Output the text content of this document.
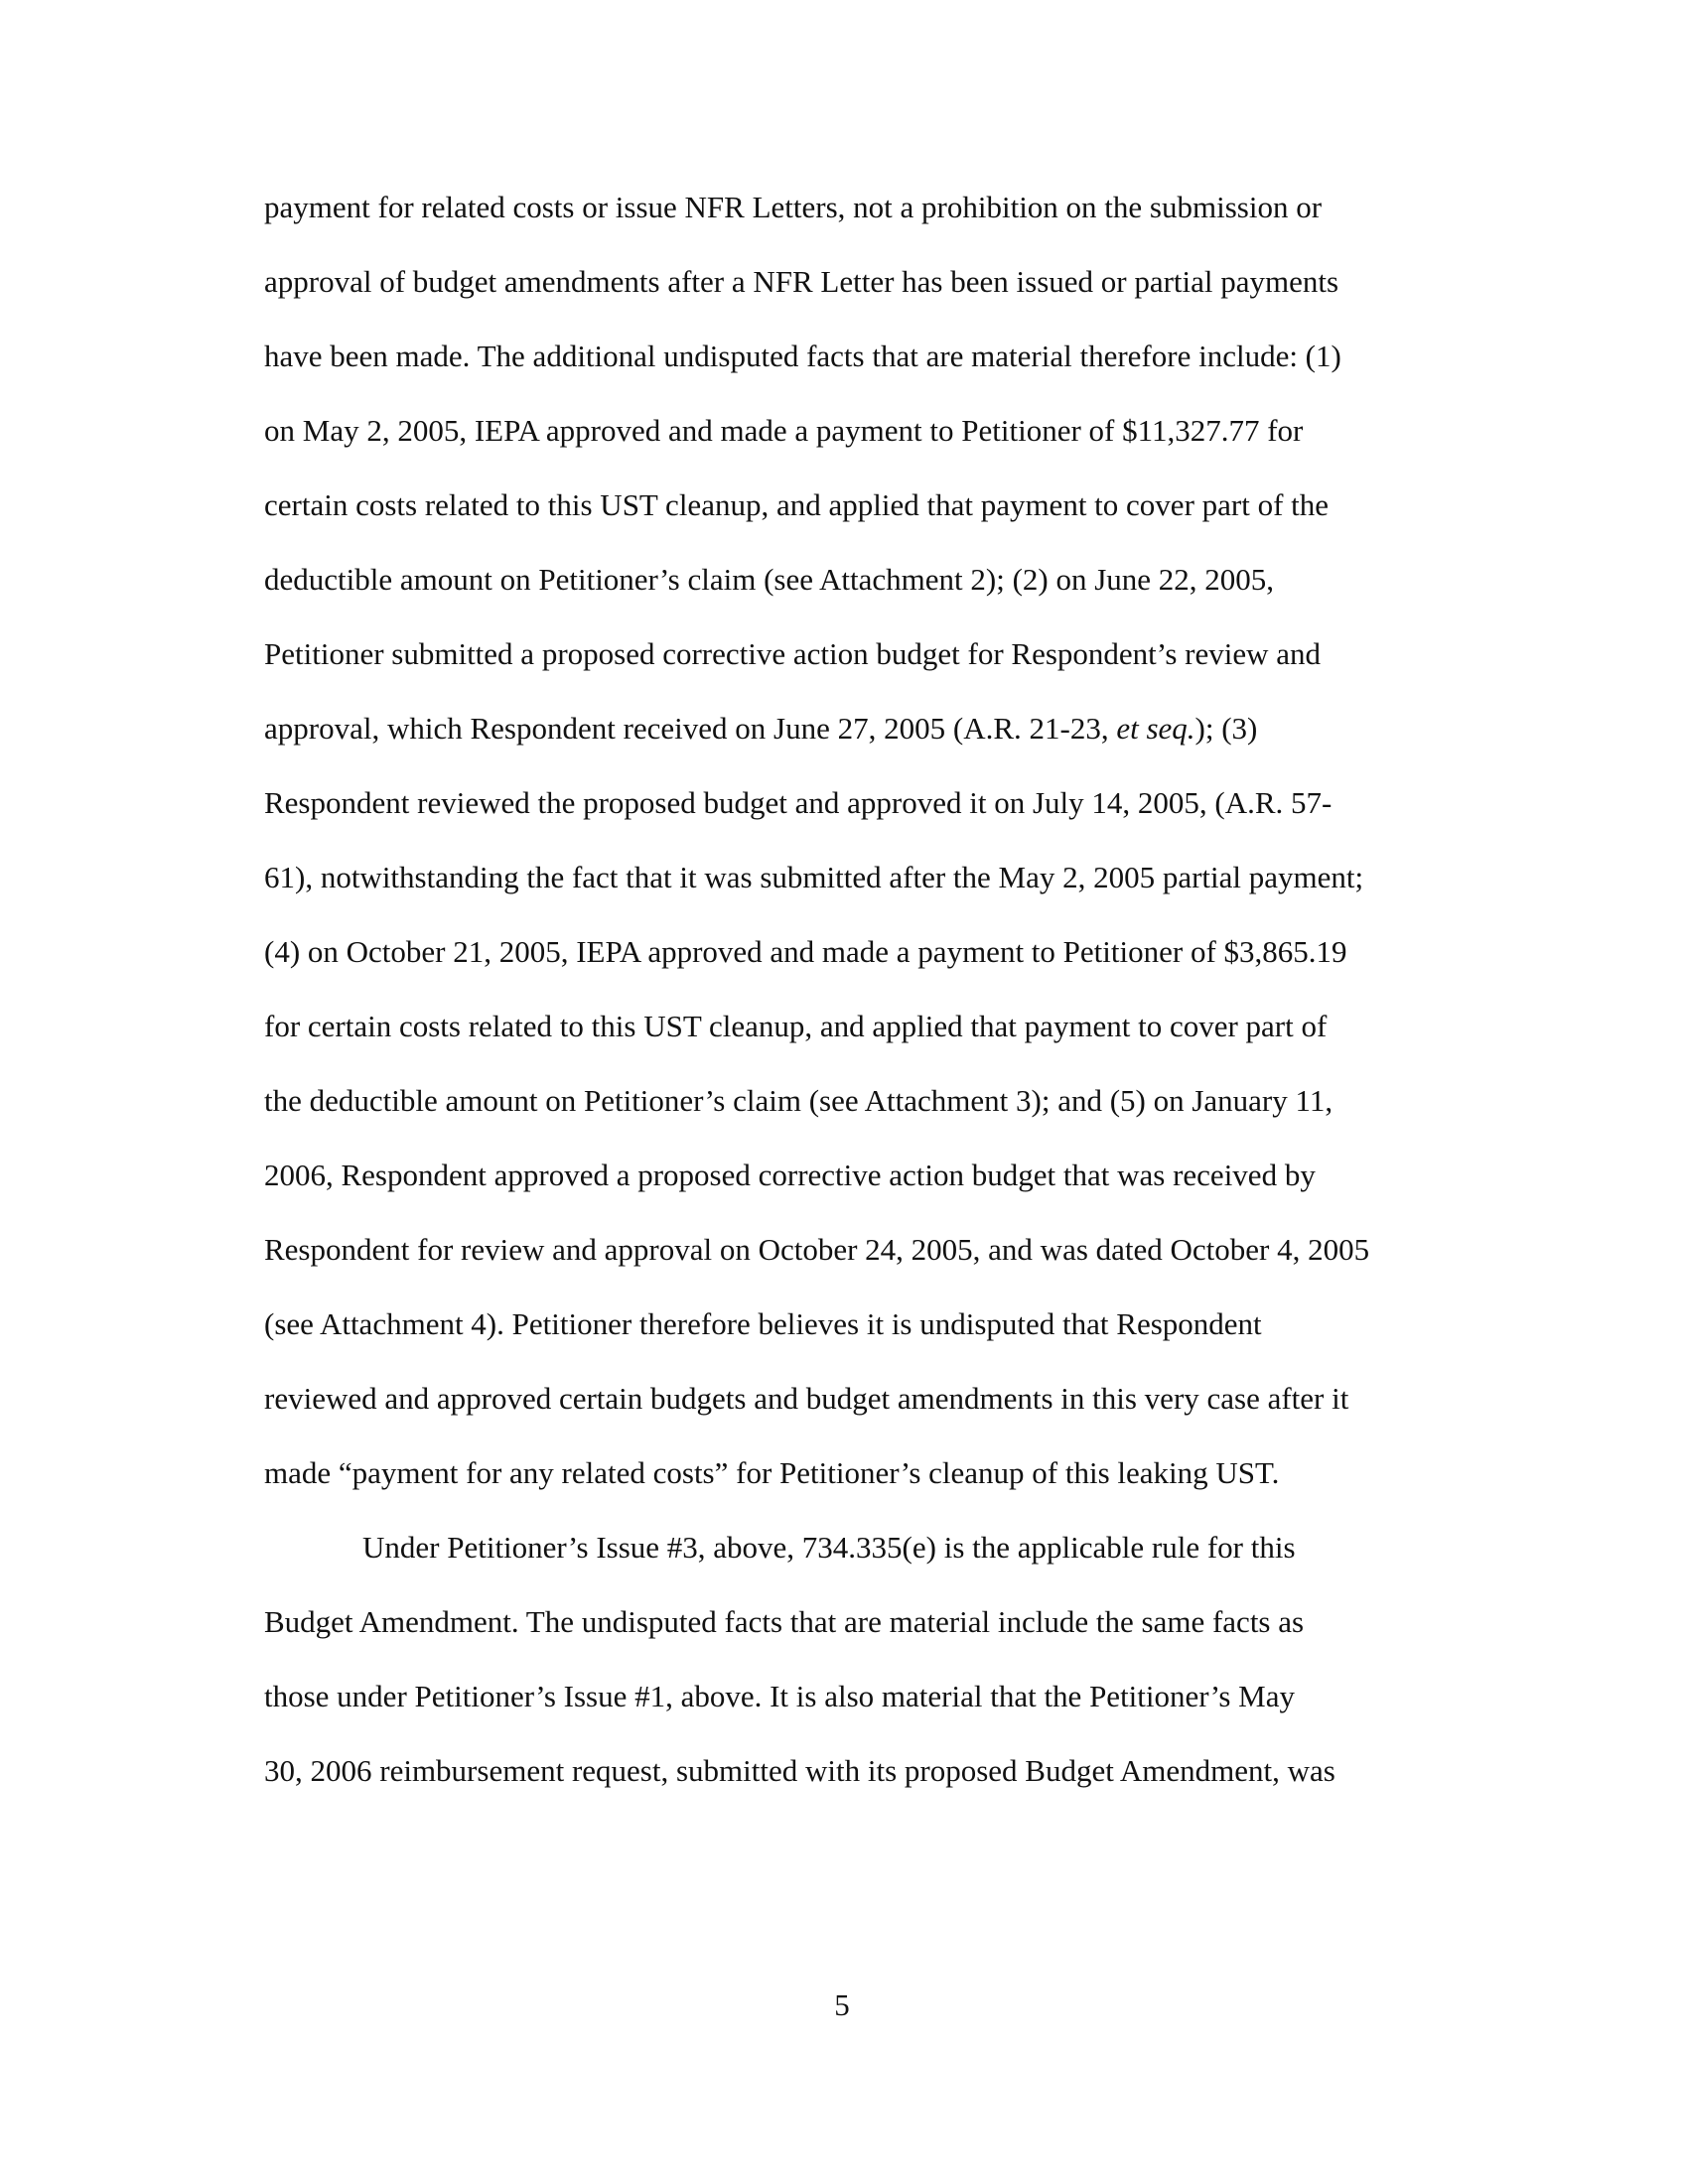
payment for related costs or issue NFR Letters, not a prohibition on the submission or
approval of budget amendments after a NFR Letter has been issued or partial payments
have been made. The additional undisputed facts that are material therefore include: (1)
on May 2, 2005, IEPA approved and made a payment to Petitioner of $11,327.77 for
certain costs related to this UST cleanup, and applied that payment to cover part of the
deductible amount on Petitioner’s claim (see Attachment 2); (2) on June 22, 2005,
Petitioner submitted a proposed corrective action budget for Respondent’s review and
approval, which Respondent received on June 27, 2005 (A.R. 21-23, et seq.); (3)
Respondent reviewed the proposed budget and approved it on July 14, 2005, (A.R. 57-
61), notwithstanding the fact that it was submitted after the May 2, 2005 partial payment;
(4) on October 21, 2005, IEPA approved and made a payment to Petitioner of $3,865.19
for certain costs related to this UST cleanup, and applied that payment to cover part of
the deductible amount on Petitioner’s claim (see Attachment 3); and (5) on January 11,
2006, Respondent approved a proposed corrective action budget that was received by
Respondent for review and approval on October 24, 2005, and was dated October 4, 2005
(see Attachment 4). Petitioner therefore believes it is undisputed that Respondent
reviewed and approved certain budgets and budget amendments in this very case after it
made “payment for any related costs” for Petitioner’s cleanup of this leaking UST.
Under Petitioner’s Issue #3, above, 734.335(e) is the applicable rule for this
Budget Amendment. The undisputed facts that are material include the same facts as
those under Petitioner’s Issue #1, above. It is also material that the Petitioner’s May
30, 2006 reimbursement request, submitted with its proposed Budget Amendment, was
5
